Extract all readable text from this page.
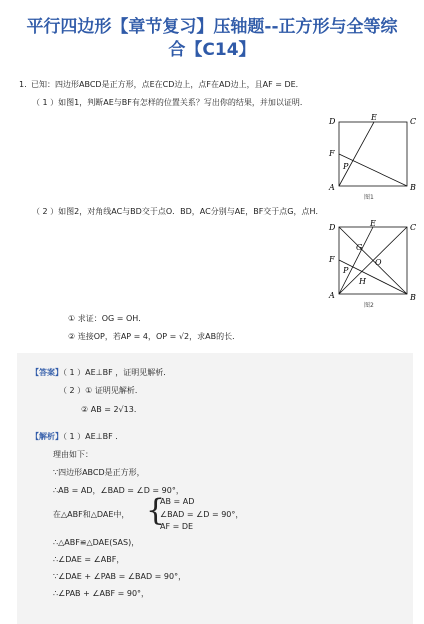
平行四边形【章节复习】压轴题--正方形与全等综
合【C14】
1. 已知：四边形ABCD是正方形，点E在CD边上，点F在AD边上，且AF = DE．
（ 1 ）如图1，判断AE与BF有怎样的位置关系？写出你的结果，并加以证明．
D	E	C
F
P
A	B
图1
（ 2 ）如图2，对角线AC与BD交于点O．BD，AC分别与AE，BF交于点G，点H．
D	E	C
G
F	O
P
H
A	B
图2
① 求证：OG = OH．
② 连接OP，若AP = 4，OP = √2，求AB的长．
【答案】
（ 1 ）AE⊥BF ，证明见解析．
（ 2 ）① 证明见解析．
② AB = 2√13．
【解析】
（ 1 ）AE⊥BF ．
理由如下：
∵四边形ABCD是正方形，
∴AB = AD，∠BAD = ∠D = 90°，
在△ABF和△DAE中， {
AB = AD
∠BAD = ∠D = 90°，
AF = DE
∴△ABF≌△DAE(SAS)，
∴∠DAE = ∠ABF，
∵∠DAE + ∠PAB = ∠BAD = 90°，
∴∠PAB + ∠ABF = 90°，
